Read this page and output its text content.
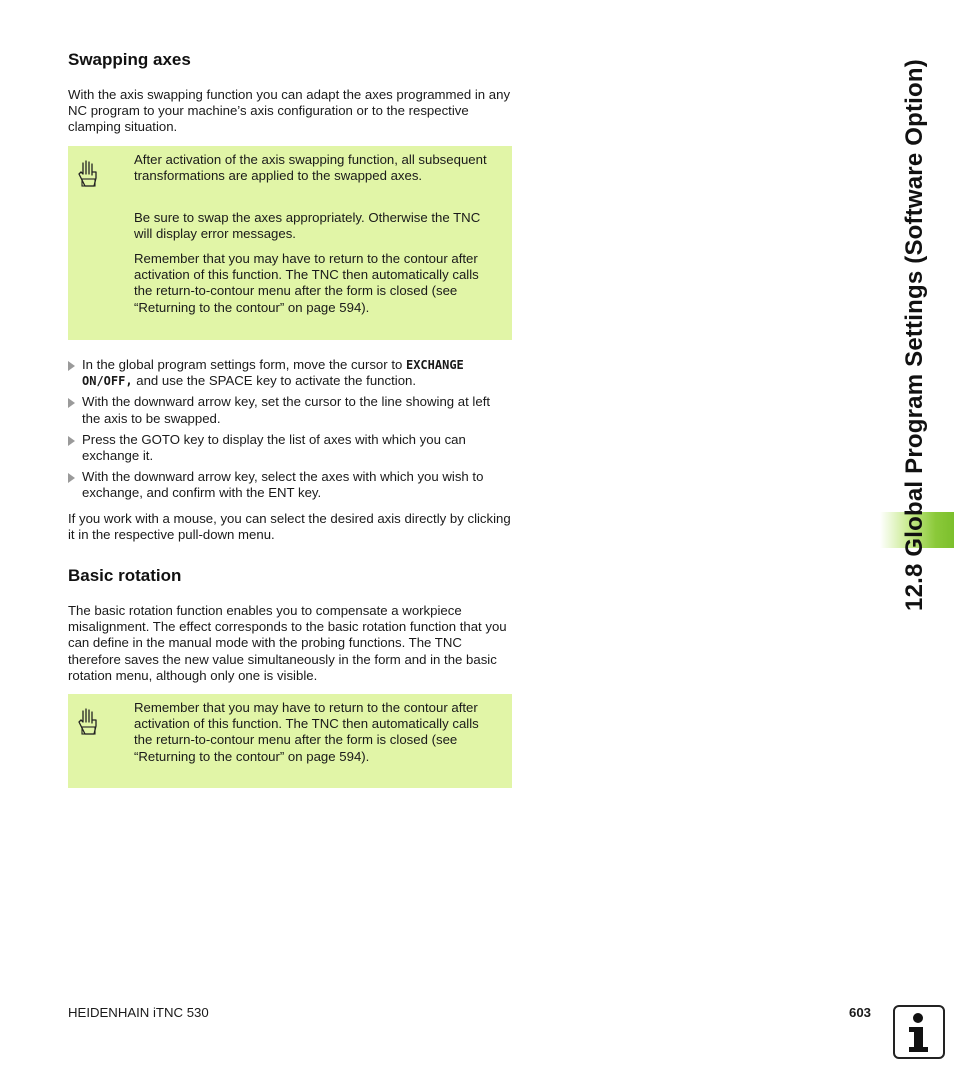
Swapping axes

With the axis swapping function you can adapt the axes programmed in any NC program to your machine’s axis configuration or to the respective clamping situation.

After activation of the axis swapping function, all subsequent transformations are applied to the swapped axes.

Be sure to swap the axes appropriately. Otherwise the TNC will display error messages.

Remember that you may have to return to the contour after activation of this function. The TNC then automatically calls the return-to-contour menu after the form is closed (see “Returning to the contour” on page 594).

In the global program settings form, move the cursor to EXCHANGE ON/OFF, and use the SPACE key to activate the function.
With the downward arrow key, set the cursor to the line showing at left the axis to be swapped.
Press the GOTO key to display the list of axes with which you can exchange it.
With the downward arrow key, select the axes with which you wish to exchange, and confirm with the ENT key.

If you work with a mouse, you can select the desired axis directly by clicking it in the respective pull-down menu.

Basic rotation

The basic rotation function enables you to compensate a workpiece misalignment. The effect corresponds to the basic rotation function that you can define in the manual mode with the probing functions. The TNC therefore saves the new value simultaneously in the form and in the basic rotation menu, although only one is visible.

Remember that you may have to return to the contour after activation of this function. The TNC then automatically calls the return-to-contour menu after the form is closed (see “Returning to the contour” on page 594).

12.8 Global Program Settings (Software Option)
HEIDENHAIN iTNC 530	603
